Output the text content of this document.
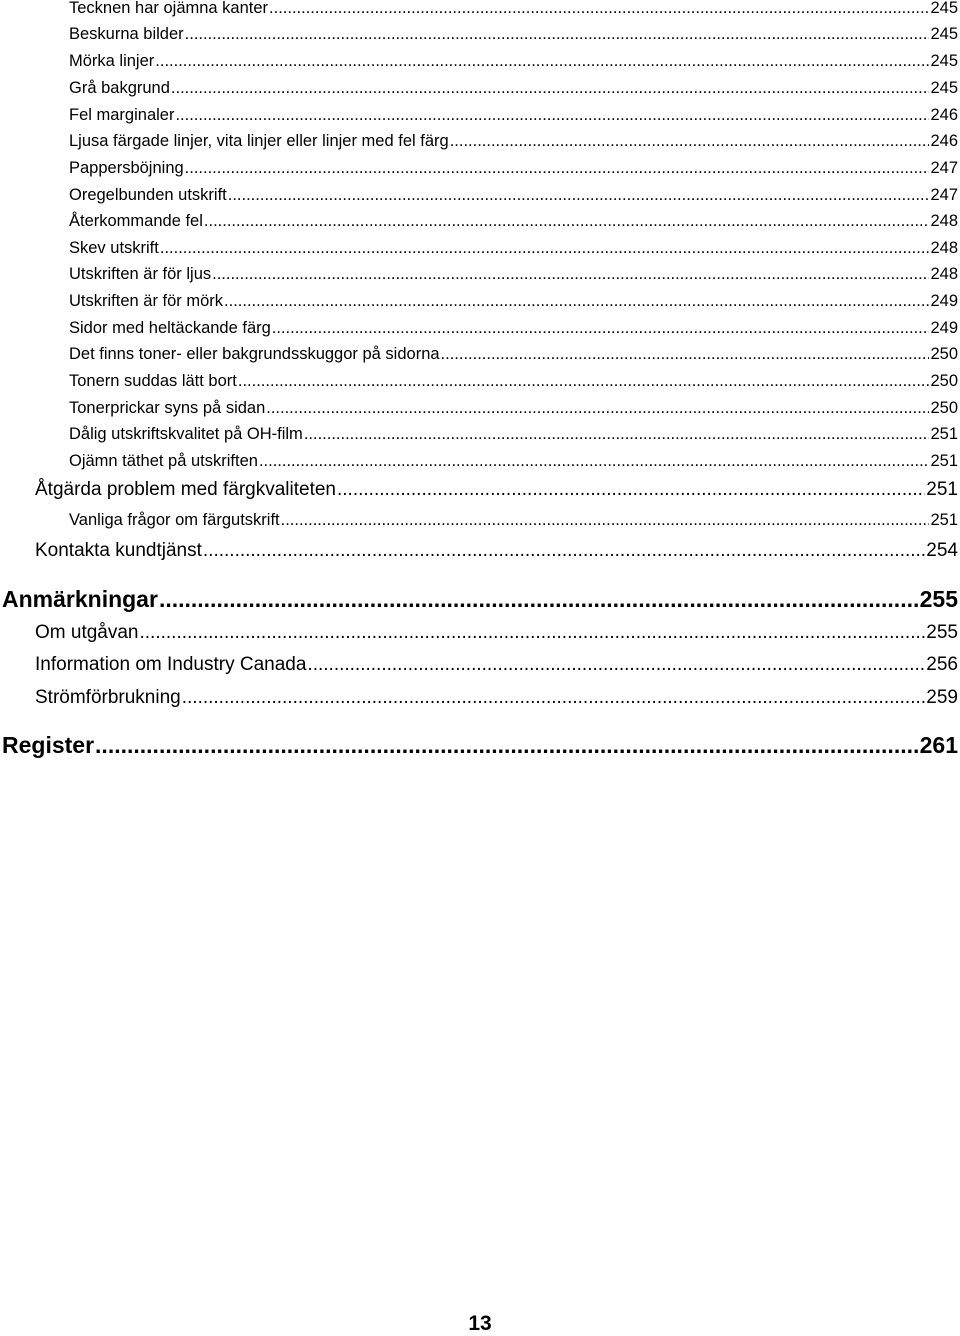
Tecknen har ojämna kanter .....	245
Beskurna bilder .....	245
Mörka linjer .....	245
Grå bakgrund .....	245
Fel marginaler .....	246
Ljusa färgade linjer, vita linjer eller linjer med fel färg .....	246
Pappersböjning .....	247
Oregelbunden utskrift .....	247
Återkommande fel .....	248
Skev utskrift .....	248
Utskriften är för ljus .....	248
Utskriften är för mörk .....	249
Sidor med heltäckande färg .....	249
Det finns toner- eller bakgrundsskuggor på sidorna .....	250
Tonern suddas lätt bort .....	250
Tonerprickar syns på sidan .....	250
Dålig utskriftskvalitet på OH-film .....	251
Ojämn täthet på utskriften .....	251
Åtgärda problem med färgkvaliteten .....	251
Vanliga frågor om färgutskrift .....	251
Kontakta kundtjänst .....	254
Anmärkningar .....	255
Om utgåvan .....	255
Information om Industry Canada .....	256
Strömförbrukning .....	259
Register .....	261
13
